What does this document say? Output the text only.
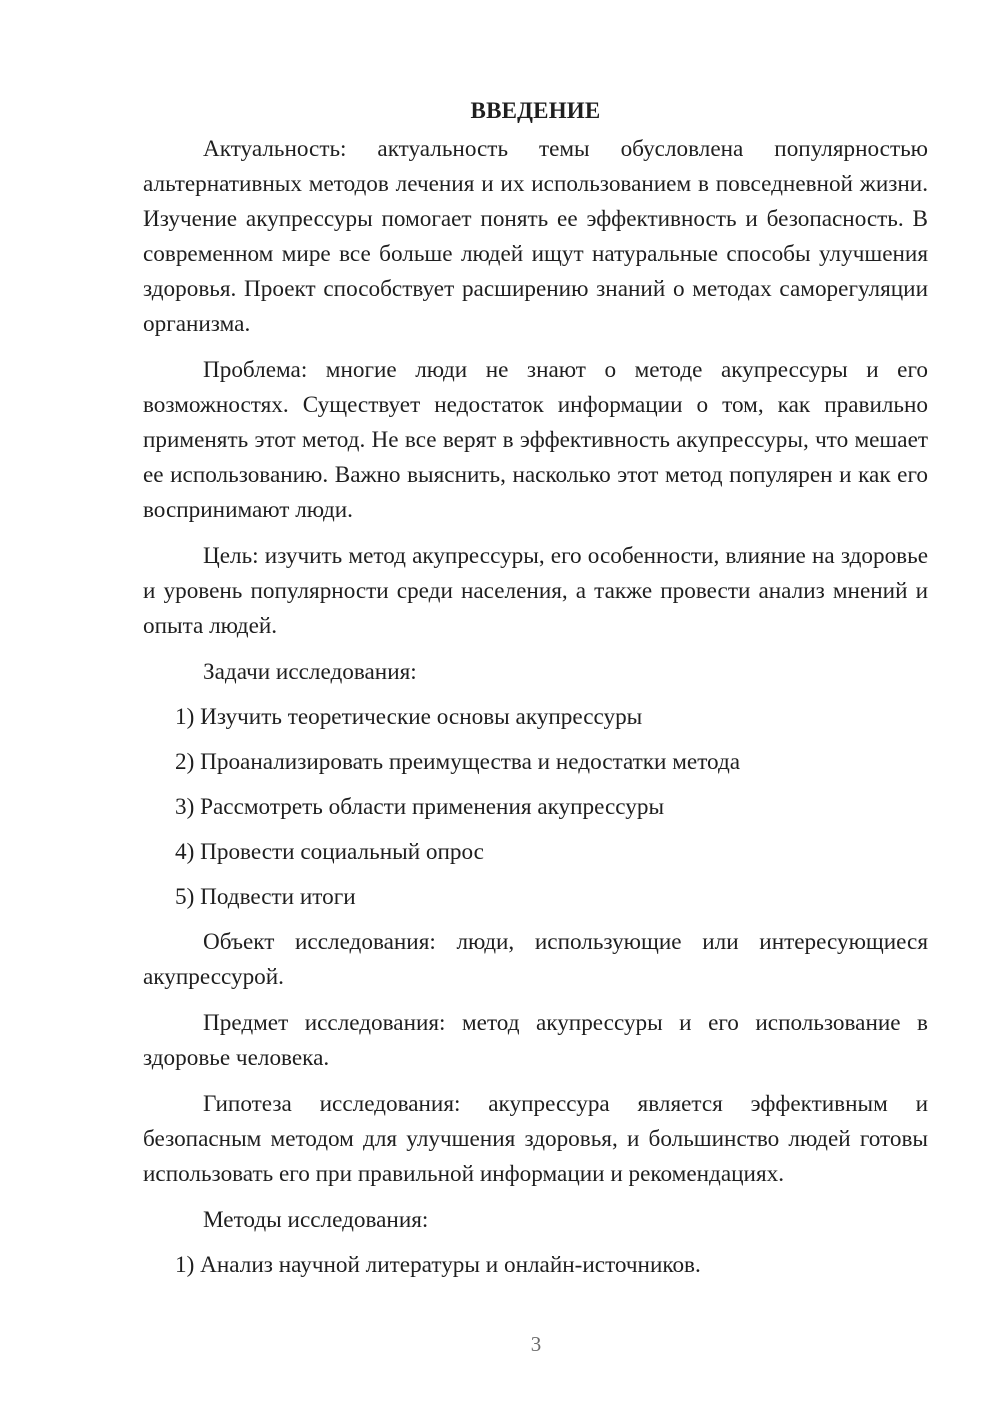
ВВЕДЕНИЕ
Актуальность: актуальность темы обусловлена популярностью альтернативных методов лечения и их использованием в повседневной жизни. Изучение акупрессуры помогает понять ее эффективность и безопасность. В современном мире все больше людей ищут натуральные способы улучшения здоровья. Проект способствует расширению знаний о методах саморегуляции организма.
Проблема: многие люди не знают о методе акупрессуры и его возможностях. Существует недостаток информации о том, как правильно применять этот метод. Не все верят в эффективность акупрессуры, что мешает ее использованию. Важно выяснить, насколько этот метод популярен и как его воспринимают люди.
Цель: изучить метод акупрессуры, его особенности, влияние на здоровье и уровень популярности среди населения, а также провести анализ мнений и опыта людей.
Задачи исследования:
1) Изучить теоретические основы акупрессуры
2) Проанализировать преимущества и недостатки метода
3) Рассмотреть области применения акупрессуры
4) Провести социальный опрос
5) Подвести итоги
Объект исследования: люди, использующие или интересующиеся акупрессурой.
Предмет исследования: метод акупрессуры и его использование в здоровье человека.
Гипотеза исследования: акупрессура является эффективным и безопасным методом для улучшения здоровья, и большинство людей готовы использовать его при правильной информации и рекомендациях.
Методы исследования:
1) Анализ научной литературы и онлайн-источников.
3
